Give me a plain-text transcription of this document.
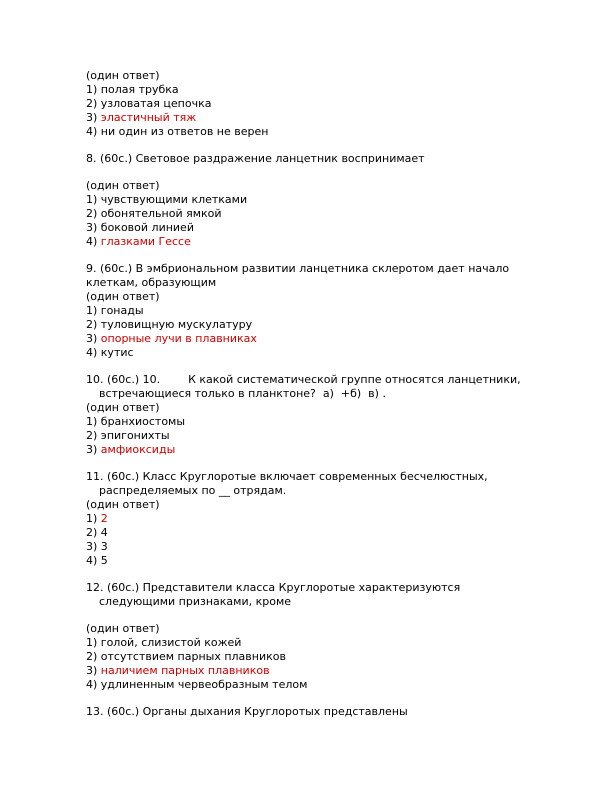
(один ответ)
1) полая трубка
2) узловатая цепочка
3) эластичный тяж
4) ни один из ответов не верен
8. (60с.) Световое раздражение ланцетник воспринимает
(один ответ)
1) чувствующими клетками
2) обонятельной ямкой
3) боковой линией
4) глазками Гессе
9. (60с.) В эмбриональном развитии ланцетника склеротом дает начало
клеткам, образующим
(один ответ)
1) гонады
2) туловищную мускулатуру
3) опорные лучи в плавниках
4) кутис
10. (60с.) 10.        К какой систематической группе относятся ланцетники,
встречающиеся только в планктоне?  а)  +б)  в) .
(один ответ)
1) бранхиостомы
2) эпигонихты
3) амфиоксиды
11. (60с.) Класс Круглоротые включает современных бесчелюстных,
распределяемых по __ отрядам.
(один ответ)
1) 2
2) 4
3) 3
4) 5
12. (60с.) Представители класса Круглоротые характеризуются
следующими признаками, кроме
(один ответ)
1) голой, слизистой кожей
2) отсутствием парных плавников
3) наличием парных плавников
4) удлиненным червеобразным телом
13. (60с.) Органы дыхания Круглоротых представлены
